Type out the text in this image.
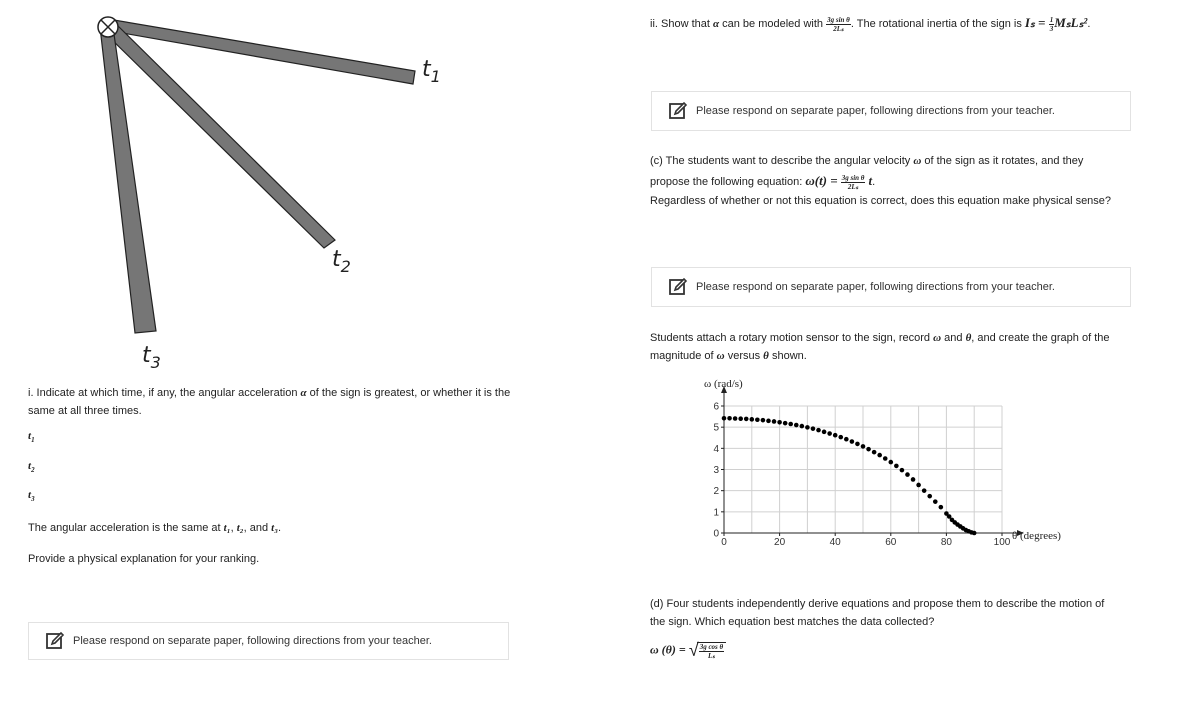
$t_1$
$t_2$
$t_3$
i. Indicate at which time, if any, the angular acceleration α of the sign is greatest, or whether it is the same at all three times.
$t_1$
$t_2$
$t_3$
The angular acceleration is the same at t₁, t₂, and t₃.
Provide a physical explanation for your ranking.
Please respond on separate paper, following directions from your teacher.
ii. Show that α can be modeled with $\frac{\text{3g sin θ}}{\text{2Lₛ}}$ . The rotational inertia of the sign is $I_s = \frac{1}{3} M_sL_s^2$.
Please respond on separate paper, following directions from your teacher.
(c) The students want to describe the angular velocity ω of the sign as it rotates, and they
propose the following equation: $\omega(t) = \frac{\text{3g sin θ}}{\text{2Lₛ}} t$.
Regardless of whether or not this equation is correct, does this equation make physical sense?
Please respond on separate paper, following directions from your teacher.
Students attach a rotary motion sensor to the sign, record ω and θ, and create the graph of the
magnitude of ω versus θ shown.
0	20	40	60	80	100
0
1
2
3
4
5
6
ω (rad/s)
θ (degrees)
(d) Four students independently derive equations and propose them to describe the motion of
the sign. Which equation best matches the data collected?
ω (θ) = √
$\frac{\text{3g cos θ}}{\text{Lₛ}}$
